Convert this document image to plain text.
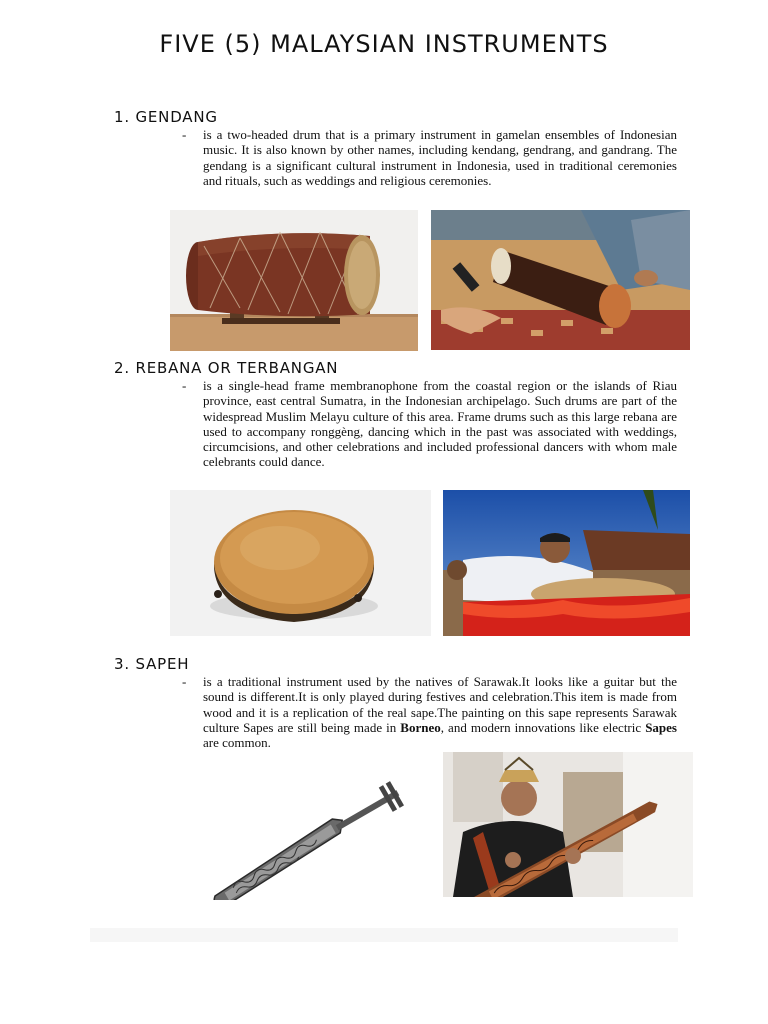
FIVE (5) MALAYSIAN INSTRUMENTS
1. GENDANG
- is a two-headed drum that is a primary instrument in gamelan ensembles of Indonesian music. It is also known by other names, including kendang, gendrang, and gandrang. The gendang is a significant cultural instrument in Indonesia, used in traditional ceremonies and rituals, such as weddings and religious ceremonies.
2. REBANA OR TERBANGAN
- is a single-head frame membranophone from the coastal region or the islands of Riau province, east central Sumatra, in the Indonesian archipelago. Such drums are part of the widespread Muslim Melayu culture of this area. Frame drums such as this large rebana are used to accompany ronggèng, dancing which in the past was associated with weddings, circumcisions, and other celebrations and included professional dancers with whom male celebrants could dance.
3. SAPEH
- is a traditional instrument used by the natives of Sarawak.It looks like a guitar but the sound is different.It is only played during festives and celebration.This item is made from wood and it is a replication of the real sape.The painting on this sape represents Sarawak culture Sapes are still being made in Borneo, and modern innovations like electric Sapes are common.
